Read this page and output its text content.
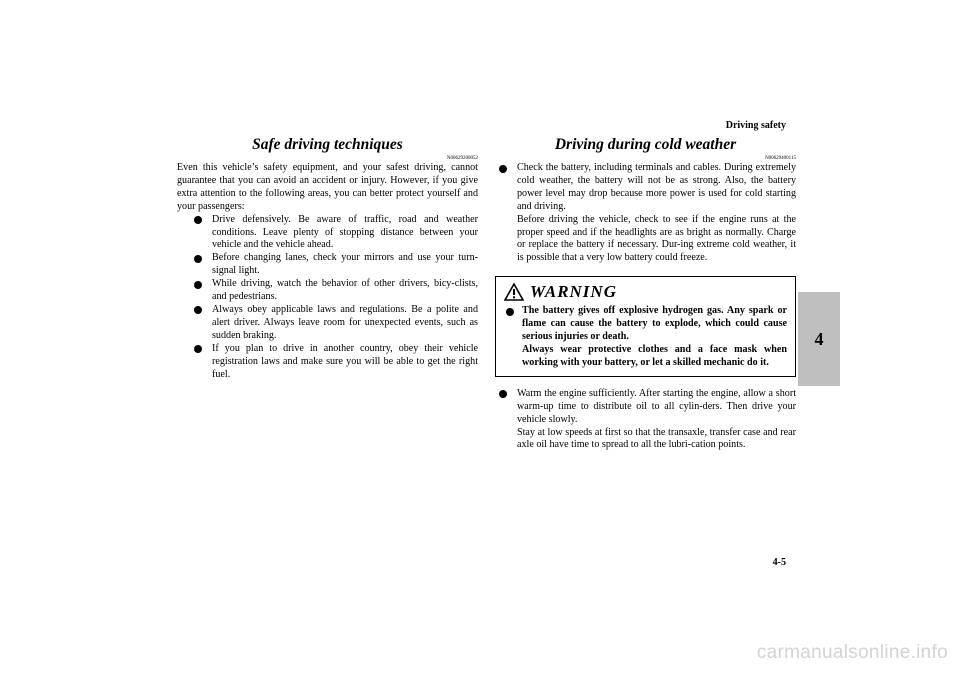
Driving safety
4
Safe driving techniques
N00629200052

Even this vehicle’s safety equipment, and your safest driving, cannot guarantee that you can avoid an accident or injury. However, if you give extra attention to the following areas, you can better protect yourself and your passengers:

Drive defensively. Be aware of traffic, road and weather conditions. Leave plenty of stopping distance between your vehicle and the vehicle ahead.
Before changing lanes, check your mirrors and use your turn-signal light.
While driving, watch the behavior of other drivers, bicy-clists, and pedestrians.
Always obey applicable laws and regulations. Be a polite and alert driver. Always leave room for unexpected events, such as sudden braking.
If you plan to drive in another country, obey their vehicle registration laws and make sure you will be able to get the right fuel.
Driving during cold weather
N00629400115

Check the battery, including terminals and cables. During extremely cold weather, the battery will not be as strong. Also, the battery power level may drop because more power is used for cold starting and driving.

Before driving the vehicle, check to see if the engine runs at the proper speed and if the headlights are as bright as normally. Charge or replace the battery if necessary. Dur-ing extreme cold weather, it is possible that a very low battery could freeze.

WARNING

The battery gives off explosive hydrogen gas. Any spark or flame can cause the battery to explode, which could cause serious injuries or death.

Always wear protective clothes and a face mask when working with your battery, or let a skilled mechanic do it.

Warm the engine sufficiently. After starting the engine, allow a short warm-up time to distribute oil to all cylin-ders. Then drive your vehicle slowly.

Stay at low speeds at first so that the transaxle, transfer case and rear axle oil have time to spread to all the lubri-cation points.

4-5
carmanualsonline.info
